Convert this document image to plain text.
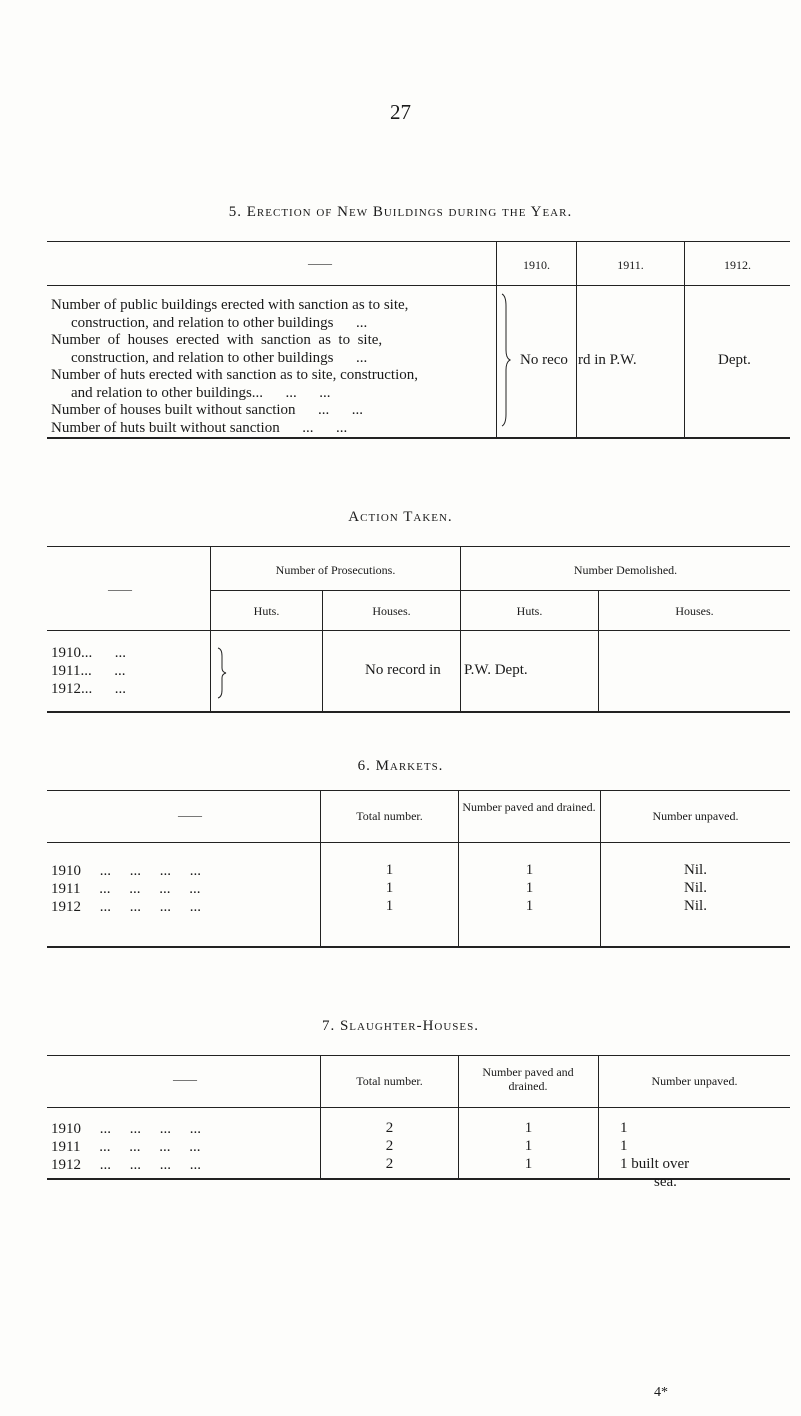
27
5. Erection of New Buildings during the Year.
——	1910.	1911.	1912.
Number of public buildings erected with sanction as to site,
construction, and relation to other buildings      ...
Number  of  houses  erected  with  sanction  as  to  site,
construction, and relation to other buildings      ...
Number of huts erected with sanction as to site, construction,
and relation to other buildings...      ...      ...
Number of houses built without sanction      ...      ...
Number of huts built without sanction      ...      ...
No reco rd in P.W.	Dept.
Action Taken.
——
Number of Prosecutions.	Number Demolished.
Huts.	Houses.	Huts.	Houses.
1910...      ...
1911...      ...
1912...      ...
No record in P.W. Dept.
6. Markets.
——	Total number.
Number paved and drained.
Number unpaved.
1910     ...     ...     ...     ...	1	1	Nil.
1911     ...     ...     ...     ...	1	1	Nil.
1912     ...     ...     ...     ...	1	1	Nil.
7. Slaughter-Houses.
——	Total number.
Number paved and drained.	Number unpaved.
1910     ...     ...     ...     ...	2	1	1
1911     ...     ...     ...     ...	2	1	1
1912     ...     ...     ...     ...	2	1	1 built over
sea.
4*
